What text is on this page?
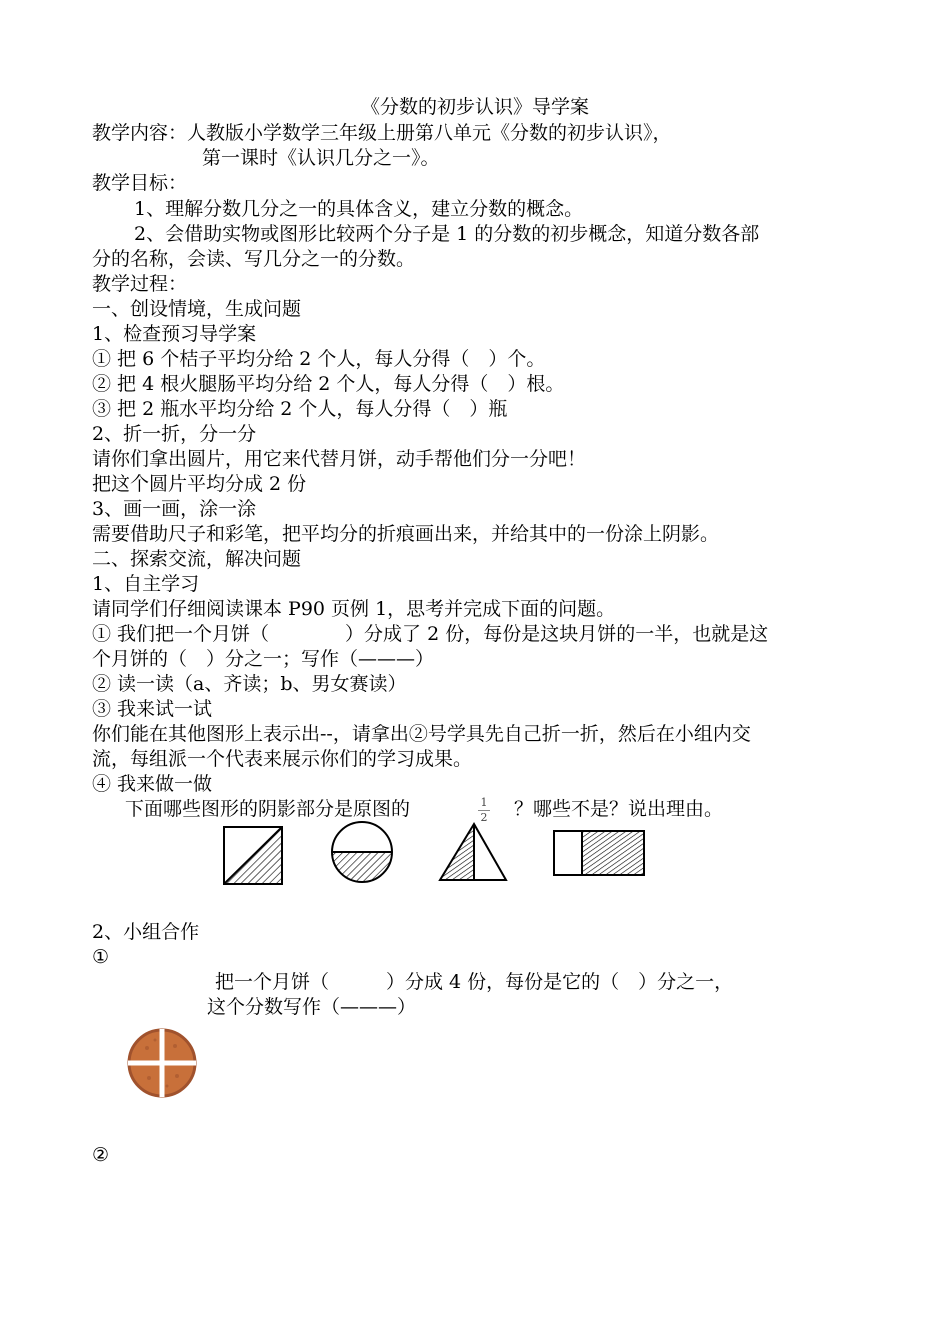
《分数的初步认识》导学案
教学内容：人教版小学数学三年级上册第八单元《分数的初步认识》，
第一课时《认识几分之一》。
教学目标：
1、理解分数几分之一的具体含义，建立分数的概念。
2、会借助实物或图形比较两个分子是 1 的分数的初步概念，知道分数各部
分的名称，会读、写几分之一的分数。
教学过程：
一、创设情境，生成问题
1、检查预习导学案
① 把 6 个桔子平均分给 2 个人，每人分得（　）个。
② 把 4 根火腿肠平均分给 2 个人，每人分得（　）根。
③ 把 2 瓶水平均分给 2 个人，每人分得（　）瓶
2、折一折，分一分
请你们拿出圆片，用它来代替月饼，动手帮他们分一分吧！
把这个圆片平均分成 2 份
3、画一画，涂一涂
需要借助尺子和彩笔，把平均分的折痕画出来，并给其中的一份涂上阴影。
二、探索交流，解决问题
1、自主学习
请同学们仔细阅读课本 P90 页例 1，思考并完成下面的问题。
① 我们把一个月饼（　　　　）分成了 2 份，每份是这块月饼的一半，也就是这
个月饼的（　）分之一；写作（———）
② 读一读（a、齐读；b、男女赛读）
③ 我来试一试
你们能在其他图形上表示出--，请拿出②号学具先自己折一折，然后在小组内交
流，每组派一个代表来展示你们的学习成果。
④ 我来做一做
下面哪些图形的阴影部分是原图的	1
2 ？哪些不是？说出理由。
2、小组合作
①
把一个月饼（　　　）分成 4 份，每份是它的（　）分之一，
这个分数写作（———）
②
